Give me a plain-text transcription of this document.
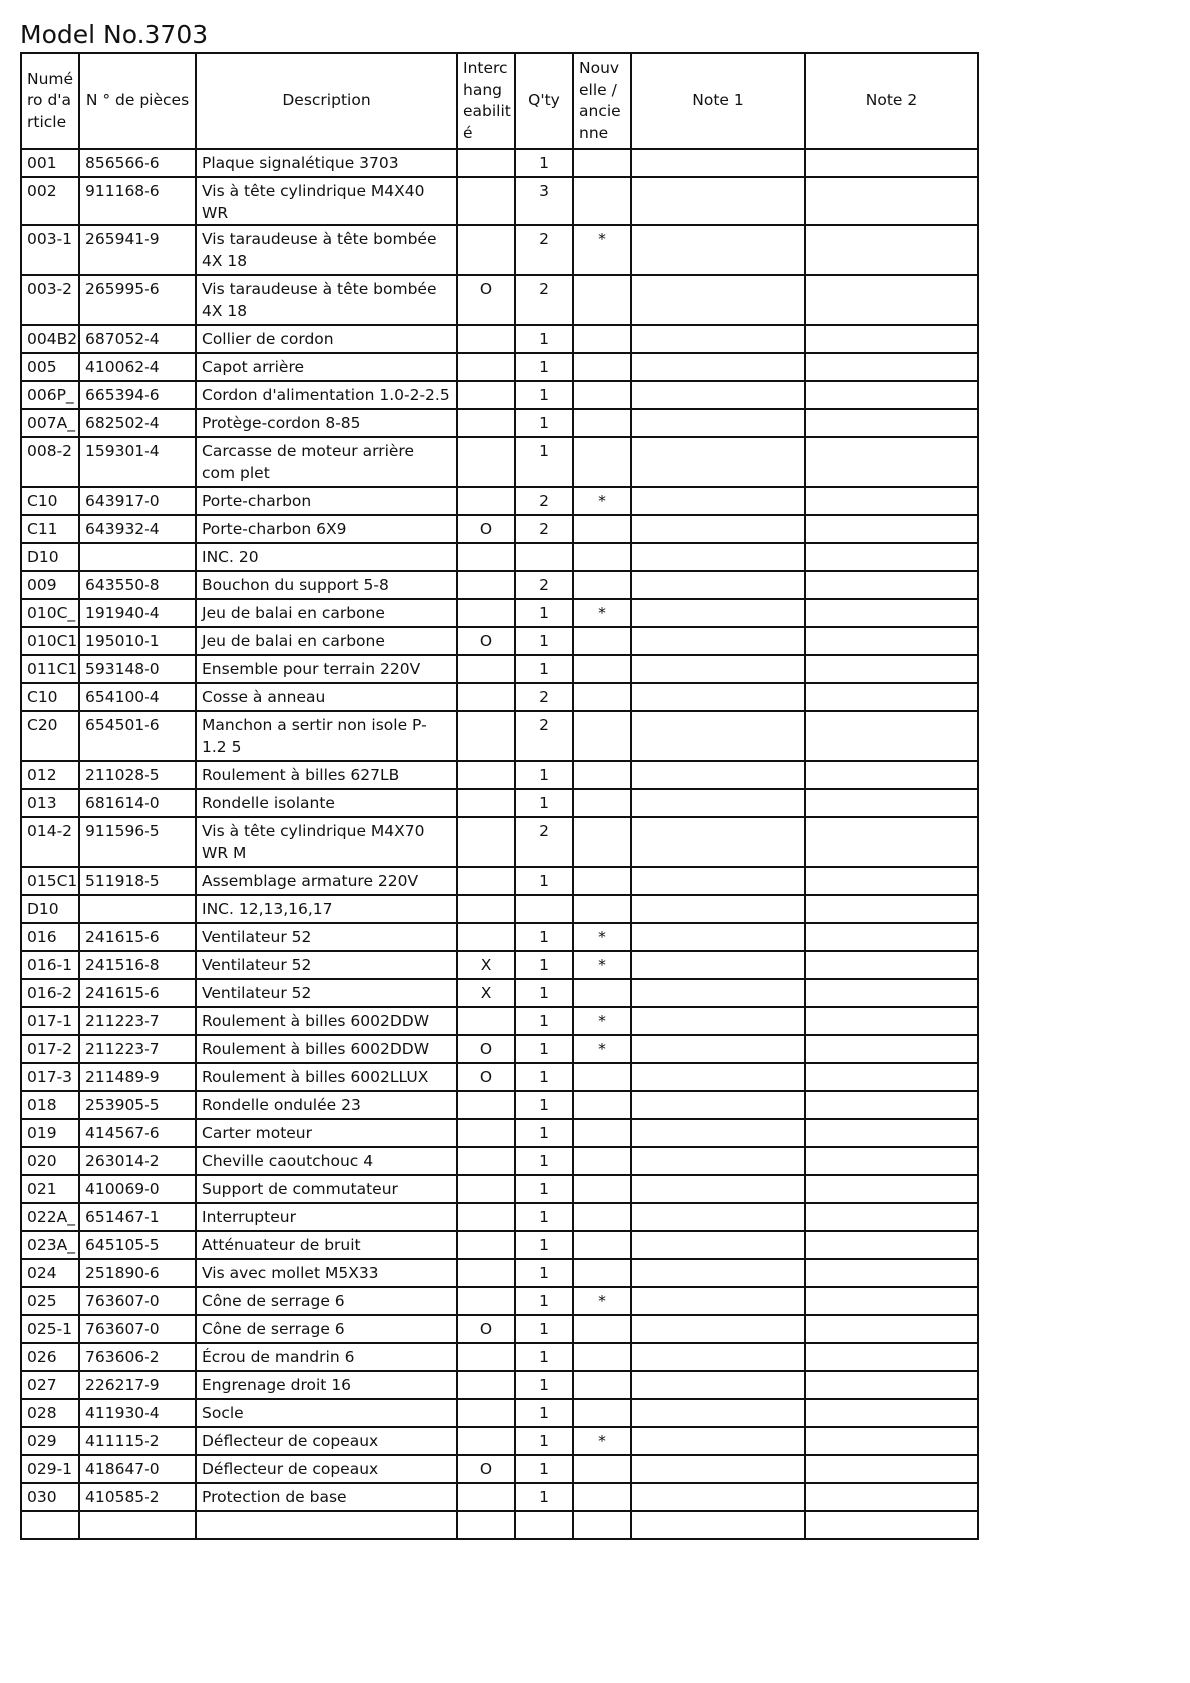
Model No.3703
Numé ro d'a rticle	N ° de pièces	Description	Interc hang eabilit é	Q'ty	Nouv elle / ancie nne	Note 1	Note 2
001	856566-6	Plaque signalétique 3703		1			
002	911168-6	Vis à tête cylindrique M4X40 WR		3			
003-1	265941-9	Vis taraudeuse à tête bombée 4X 18		2	*		
003-2	265995-6	Vis taraudeuse à tête bombée 4X 18	O	2			
004B2	687052-4	Collier de cordon		1			
005	410062-4	Capot arrière		1			
006P_	665394-6	Cordon d'alimentation 1.0-2-2.5		1			
007A_	682502-4	Protège-cordon 8-85		1			
008-2	159301-4	Carcasse de moteur arrière com plet		1			
C10	643917-0	Porte-charbon		2	*		
C11	643932-4	Porte-charbon 6X9	O	2			
D10		INC. 20					
009	643550-8	Bouchon du support 5-8		2			
010C_	191940-4	Jeu de balai en carbone		1	*		
010C1	195010-1	Jeu de balai en carbone	O	1			
011C1	593148-0	Ensemble pour terrain 220V		1			
C10	654100-4	Cosse à anneau		2			
C20	654501-6	Manchon a sertir non isole P-1.2 5		2			
012	211028-5	Roulement à billes 627LB		1			
013	681614-0	Rondelle isolante		1			
014-2	911596-5	Vis à tête cylindrique M4X70 WR M		2			
015C1	511918-5	Assemblage armature 220V		1			
D10		INC. 12,13,16,17					
016	241615-6	Ventilateur 52		1	*		
016-1	241516-8	Ventilateur 52	X	1	*		
016-2	241615-6	Ventilateur 52	X	1			
017-1	211223-7	Roulement à billes 6002DDW		1	*		
017-2	211223-7	Roulement à billes 6002DDW	O	1	*		
017-3	211489-9	Roulement à billes 6002LLUX	O	1			
018	253905-5	Rondelle ondulée 23		1			
019	414567-6	Carter moteur		1			
020	263014-2	Cheville caoutchouc 4		1			
021	410069-0	Support de commutateur		1			
022A_	651467-1	Interrupteur		1			
023A_	645105-5	Atténuateur de bruit		1			
024	251890-6	Vis avec mollet M5X33		1			
025	763607-0	Cône de serrage 6		1	*		
025-1	763607-0	Cône de serrage 6	O	1			
026	763606-2	Écrou de mandrin 6		1			
027	226217-9	Engrenage droit 16		1			
028	411930-4	Socle		1			
029	411115-2	Déflecteur de copeaux		1	*		
029-1	418647-0	Déflecteur de copeaux	O	1			
030	410585-2	Protection de base		1			
